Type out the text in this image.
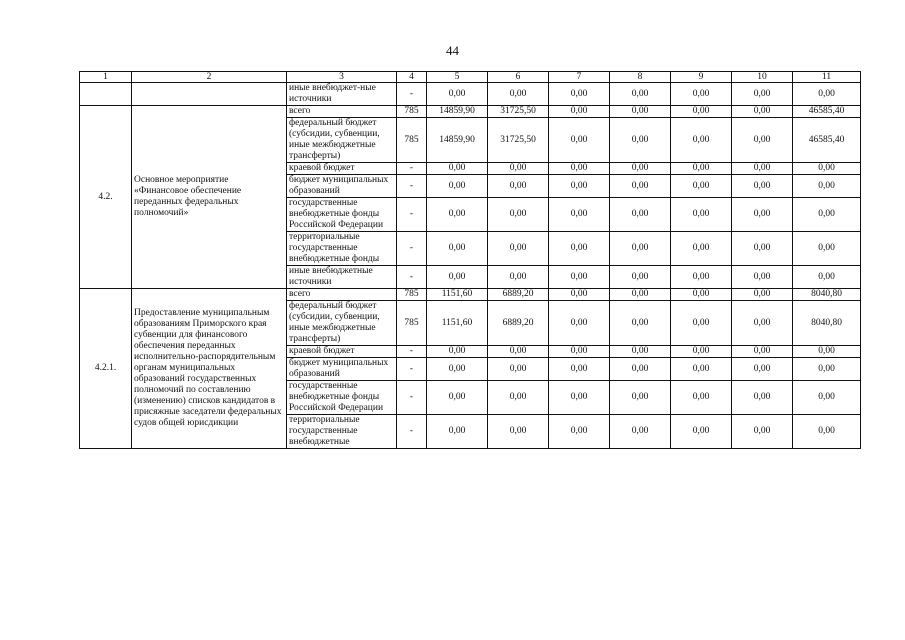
44
1	2	3	4	5	6	7	8	9	10	11
		иные внебюджет-ные источники	-	0,00	0,00	0,00	0,00	0,00	0,00	0,00
4.2.	Основное мероприятие «Финансовое обеспечение переданных федеральных полномочий»	всего	785	14859,90	31725,50	0,00	0,00	0,00	0,00	46585,40
		федеральный бюджет (субсидии, субвенции, иные межбюджетные трансферты)	785	14859,90	31725,50	0,00	0,00	0,00	0,00	46585,40
		краевой бюджет	-	0,00	0,00	0,00	0,00	0,00	0,00	0,00
		бюджет муниципальных образований	-	0,00	0,00	0,00	0,00	0,00	0,00	0,00
		государственные внебюджетные фонды Российской Федерации	-	0,00	0,00	0,00	0,00	0,00	0,00	0,00
		территориальные государственные внебюджетные фонды	-	0,00	0,00	0,00	0,00	0,00	0,00	0,00
		иные внебюджетные источники	-	0,00	0,00	0,00	0,00	0,00	0,00	0,00
4.2.1.	Предоставление муниципальным образованиям Приморского края субвенции для финансового обеспечения переданных исполнительно-распорядительным органам муниципальных образований государственных полномочий по составлению (изменению) списков кандидатов в присяжные заседатели федеральных судов общей юрисдикции	всего	785	1151,60	6889,20	0,00	0,00	0,00	0,00	8040,80
		федеральный бюджет (субсидии, субвенции, иные межбюджетные трансферты)	785	1151,60	6889,20	0,00	0,00	0,00	0,00	8040,80
		краевой бюджет	-	0,00	0,00	0,00	0,00	0,00	0,00	0,00
		бюджет муниципальных образований	-	0,00	0,00	0,00	0,00	0,00	0,00	0,00
		государственные внебюджетные фонды Российской Федерации	-	0,00	0,00	0,00	0,00	0,00	0,00	0,00
		территориальные государственные внебюджетные	-	0,00	0,00	0,00	0,00	0,00	0,00	0,00
